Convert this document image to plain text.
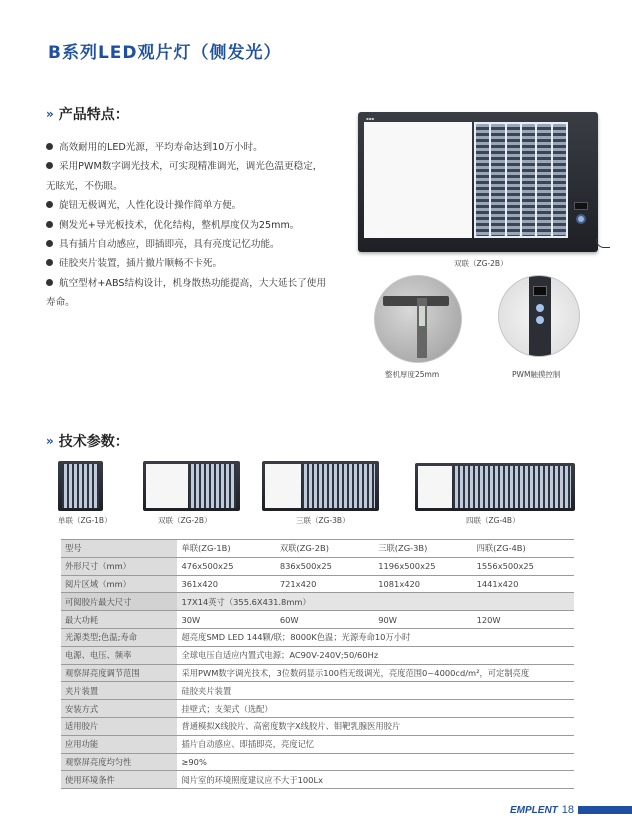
B系列LED观片灯（侧发光）
» 产品特点：
高效耐用的LED光源，平均寿命达到10万小时。
采用PWM数字调光技术，可实现精准调光，调光色温更稳定，无眩光，不伤眼。
旋钮无极调光，人性化设计操作简单方便。
侧发光+导光板技术，优化结构，整机厚度仅为25mm。
具有插片自动感应，即插即亮，具有亮度记忆功能。
硅胶夹片装置，插片撤片顺畅不卡死。
航空型材+ABS结构设计，机身散热功能提高，大大延长了使用寿命。
▪▪▪
双联（ZG-2B）
整机厚度25mm	PWM触摸控制
» 技术参数：
单联（ZG-1B）	双联（ZG-2B）	三联（ZG-3B）	四联（ZG-4B）
型号	单联(ZG-1B)	双联(ZG-2B)	三联(ZG-3B)	四联(ZG-4B)
外形尺寸（mm）	476x500x25	836x500x25	1196x500x25	1556x500x25
阅片区域（mm）	361x420	721x420	1081x420	1441x420
可阅胶片最大尺寸	17X14英寸（355.6X431.8mm）			
最大功耗	30W	60W	90W	120W
光源类型;色温;寿命	超亮度SMD LED 144颗/联；8000K色温；光源寿命10万小时			
电源、电压、频率	全球电压自适应内置式电源；AC90V-240V;50/60Hz			
观察屏亮度调节范围	采用PWM数字调光技术，3位数码显示100档无级调光，亮度范围0~4000cd/m²，可定制亮度			
夹片装置	硅胶夹片装置			
安装方式	挂壁式；支架式（选配）			
适用胶片	普通模拟X线胶片、高密度数字X线胶片、钼靶乳腺医用胶片			
应用功能	插片自动感应、即插即亮，亮度记忆			
观察屏亮度均匀性	≥90%			
使用环境条件	阅片室的环境照度建议应不大于100Lx			
EMPLENT 18
